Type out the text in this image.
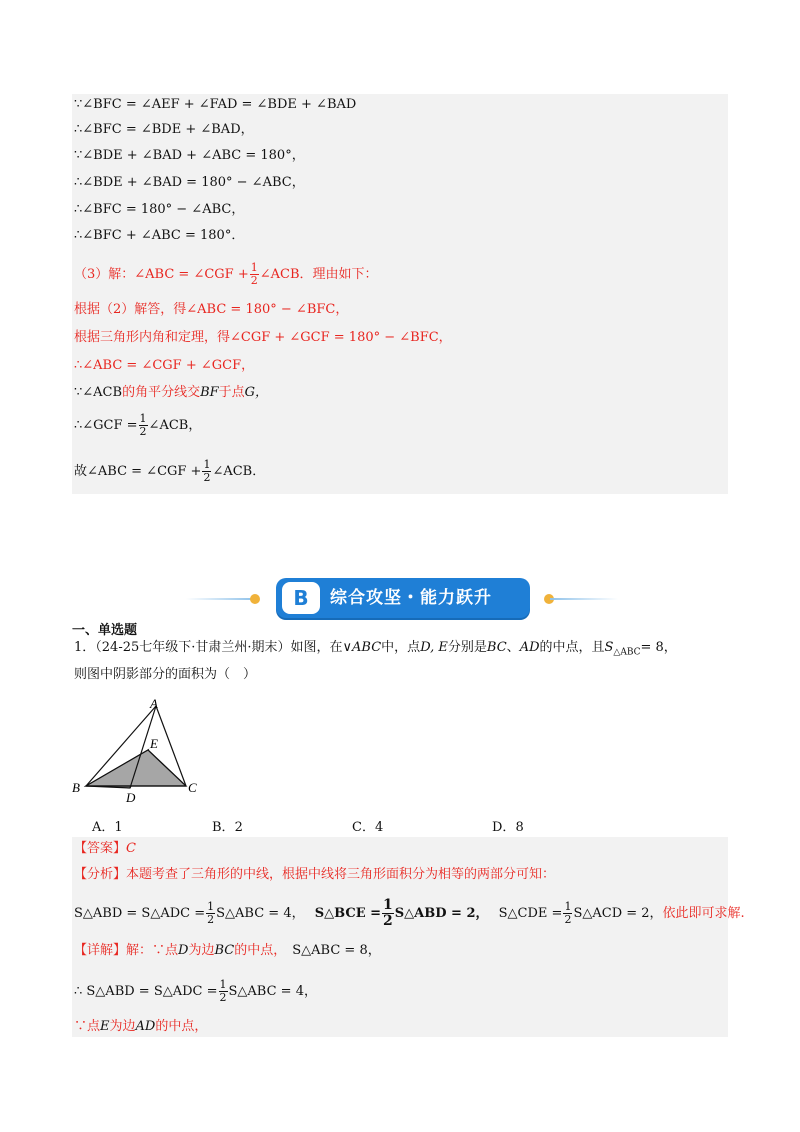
∵∠BFC = ∠AEF + ∠FAD = ∠BDE + ∠BAD
∴∠BFC = ∠BDE + ∠BAD，
∵∠BDE + ∠BAD + ∠ABC = 180°，
∴∠BDE + ∠BAD = 180° − ∠ABC，
∴∠BFC = 180° − ∠ABC，
∴∠BFC + ∠ABC = 180°．
（3）解：∠ABC = ∠CGF + $\frac{1}{2}$ ∠ACB．理由如下：
根据（2）解答，得∠ABC = 180° − ∠BFC，
根据三角形内角和定理，得∠CGF + ∠GCF = 180° − ∠BFC，
∴∠ABC = ∠CGF + ∠GCF，
∵∠ACB的角平分线交BF于点G，
∴∠GCF = $\frac{1}{2}$ ∠ACB，
故∠ABC = ∠CGF + $\frac{1}{2}$ ∠ACB．
B	综合攻坚・能力跃升
一、单选题
1．（24-25七年级下·甘肃兰州·期末）如图，在∨ABC中，点D, E分别是BC、AD的中点，且$S_{\triangle ABC}= 8$，
则图中阴影部分的面积为（　）
A
E
B	C
D
A．1	B．2	C．4	D．8
【答案】C
【分析】本题考查了三角形的中线，根据中线将三角形面积分为相等的两部分可知：
S△ABD = S△ADC = $\frac{1}{2}$ S△ABC = 4， S△BCE = $\frac{1}{2}$ S△ABD = 2， S△CDE = $\frac{1}{2}$ S△ACD = 2，依此即可求解.
【详解】解：∵点D为边BC的中点， S△ABC = 8，
∴ S△ABD = S△ADC = $\frac{1}{2}$ S△ABC = 4，
∵点E为边AD的中点，
